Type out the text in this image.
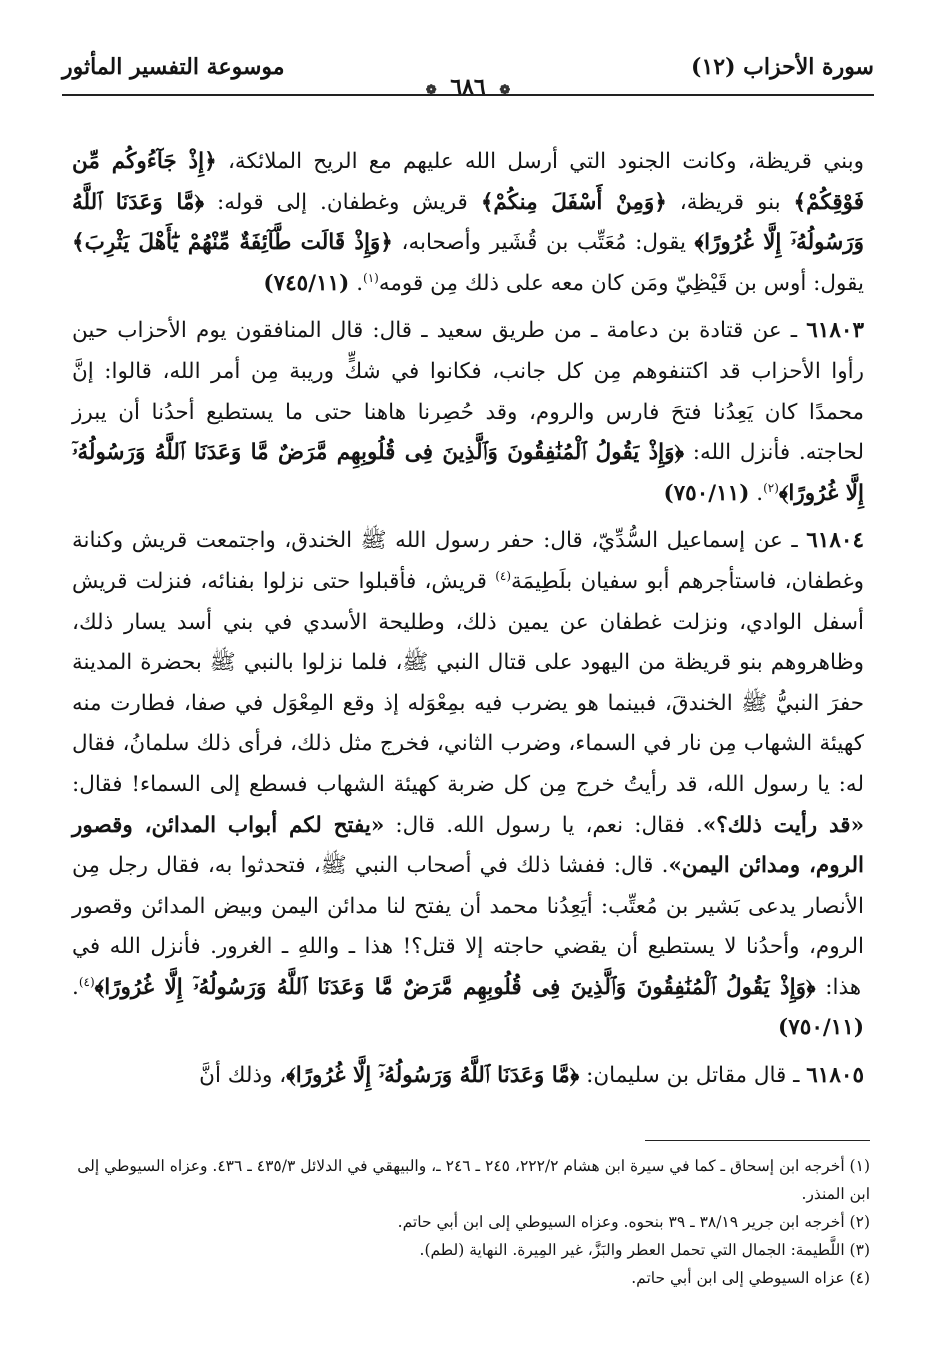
سورة الأحزاب (١٢)
موسوعة التفسير المأثور
❁ ٦٨٦ ❁

وبني قريظة، وكانت الجنود التي أرسل الله عليهم مع الريح الملائكة، ﴿إِذْ جَآءُوكُم مِّن فَوْقِكُمْ﴾ بنو قريظة، ﴿وَمِنْ أَسْفَلَ مِنكُمْ﴾ قريش وغطفان. إلى قوله: ﴿مَّا وَعَدَنَا ٱللَّهُ وَرَسُولُهُۥٓ إِلَّا غُرُورًا﴾ يقول: مُعَتِّب بن قُشَير وأصحابه، ﴿وَإِذْ قَالَت طَّآئِفَةٌ مِّنْهُمْ يَٰٓأَهْلَ يَثْرِبَ﴾ يقول: أوس بن قَيْظِيّ ومَن كان معه على ذلك مِن قومه$^{(١)}$. (٧٤٥/١١)

٦١٨٠٣ ـ عن قتادة بن دعامة ـ من طريق سعيد ـ قال: قال المنافقون يوم الأحزاب حين رأوا الأحزاب قد اكتنفوهم مِن كل جانب، فكانوا في شكٍّ وريبة مِن أمر الله، قالوا: إنَّ محمدًا كان يَعِدُنا فتحَ فارس والروم، وقد حُصِرنا هاهنا حتى ما يستطيع أحدُنا أن يبرز لحاجته. فأنزل الله: ﴿وَإِذْ يَقُولُ ٱلْمُنَٰفِقُونَ وَٱلَّذِينَ فِى قُلُوبِهِم مَّرَضٌ مَّا وَعَدَنَا ٱللَّهُ وَرَسُولُهُۥٓ إِلَّا غُرُورًا﴾$^{(٢)}$. (٧٥٠/١١)

٦١٨٠٤ ـ عن إسماعيل السُّدِّيّ، قال: حفر رسول الله ﷺ الخندق، واجتمعت قريش وكنانة وغطفان، فاستأجرهم أبو سفيان بلَطِيمَة$^{(٤)}$ قريش، فأقبلوا حتى نزلوا بفنائه، فنزلت قريش أسفل الوادي، ونزلت غطفان عن يمين ذلك، وطليحة الأسدي في بني أسد يسار ذلك، وظاهروهم بنو قريظة من اليهود على قتال النبي ﷺ، فلما نزلوا بالنبي ﷺ بحضرة المدينة حفرَ النبيُّ ﷺ الخندقَ، فبينما هو يضرب فيه بمِعْوَله إذ وقع المِعْوَل في صفا، فطارت منه كهيئة الشهاب مِن نار في السماء، وضرب الثاني، فخرج مثل ذلك، فرأى ذلك سلمانُ، فقال له: يا رسول الله، قد رأيتُ خرج مِن كل ضربة كهيئة الشهاب فسطع إلى السماء! فقال: «قد رأيت ذلك؟». فقال: نعم، يا رسول الله. قال: «يفتح لكم أبواب المدائن، وقصور الروم، ومدائن اليمن». قال: ففشا ذلك في أصحاب النبي ﷺ، فتحدثوا به، فقال رجل مِن الأنصار يدعى بَشير بن مُعتِّب: أيَعِدُنا محمد أن يفتح لنا مدائن اليمن وبيض المدائن وقصور الروم، وأحدُنا لا يستطيع أن يقضي حاجته إلا قتل؟! هذا ـ واللهِ ـ الغرور. فأنزل الله في هذا: ﴿وَإِذْ يَقُولُ ٱلْمُنَٰفِقُونَ وَٱلَّذِينَ فِى قُلُوبِهِم مَّرَضٌ مَّا وَعَدَنَا ٱللَّهُ وَرَسُولُهُۥٓ إِلَّا غُرُورًا﴾$^{(٤)}$. (٧٥٠/١١)

٦١٨٠٥ ـ قال مقاتل بن سليمان: ﴿مَّا وَعَدَنَا ٱللَّهُ وَرَسُولُهُۥٓ إِلَّا غُرُورًا﴾، وذلك أنَّ

(١) أخرجه ابن إسحاق ـ كما في سيرة ابن هشام ٢٢٢/٢، ٢٤٥ ـ ٢٤٦ ـ، والبيهقي في الدلائل ٤٣٥/٣ ـ ٤٣٦. وعزاه السيوطي إلى ابن المنذر.

(٢) أخرجه ابن جرير ٣٨/١٩ ـ ٣٩ بنحوه. وعزاه السيوطي إلى ابن أبي حاتم.

(٣) اللَّطيمة: الجمال التي تحمل العطر والبَزَّ، غير المِيرة. النهاية (لطم).

(٤) عزاه السيوطي إلى ابن أبي حاتم.
